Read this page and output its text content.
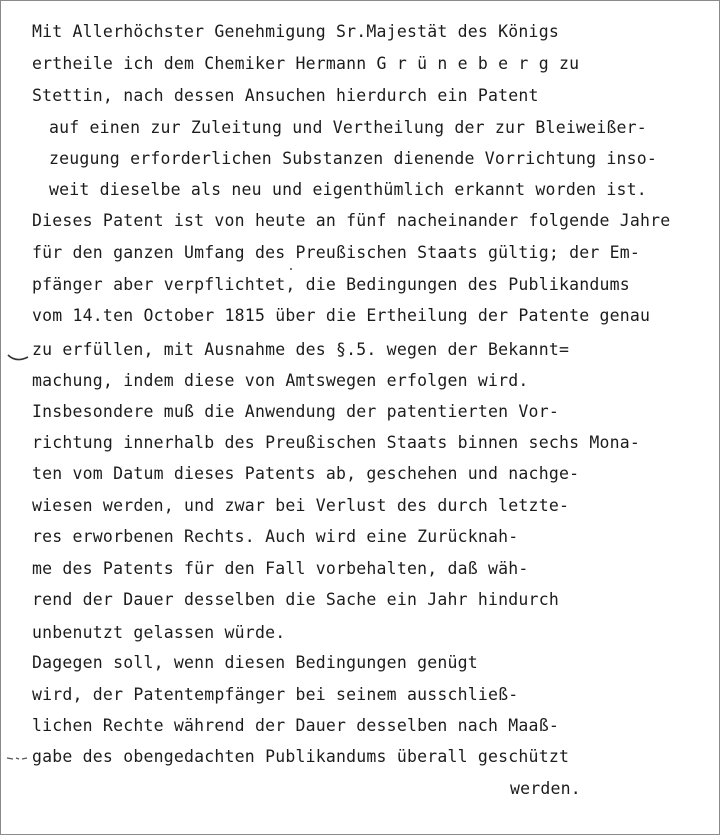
Mit Allerhöchster Genehmigung Sr.Majestät des Königs
ertheile ich dem Chemiker Hermann G r ü n e b e r g zu
Stettin, nach dessen Ansuchen hierdurch ein Patent
auf einen zur Zuleitung und Vertheilung der zur Bleiweißer-
zeugung erforderlichen Substanzen dienende Vorrichtung inso-
weit dieselbe als neu und eigenthümlich erkannt worden ist.
Dieses Patent ist von heute an fünf nacheinander folgende Jahre
für den ganzen Umfang des Preußischen Staats gültig; der Em-
pfänger aber verpflichtet, die Bedingungen des Publikandums
vom 14.ten October 1815 über die Ertheilung der Patente genau
zu erfüllen, mit Ausnahme des §.5. wegen der Bekannt=
machung, indem diese von Amtswegen erfolgen wird.
Insbesondere muß die Anwendung der patentierten Vor-
richtung innerhalb des Preußischen Staats binnen sechs Mona-
ten vom Datum dieses Patents ab, geschehen und nachge-
wiesen werden, und zwar bei Verlust des durch letzte-
res erworbenen Rechts. Auch wird eine Zurücknah-
me des Patents für den Fall vorbehalten, daß wäh-
rend der Dauer desselben die Sache ein Jahr hindurch
unbenutzt gelassen würde.
Dagegen soll, wenn diesen Bedingungen genügt
wird, der Patentempfänger bei seinem ausschließ-
lichen Rechte während der Dauer desselben nach Maaß-
gabe des obengedachten Publikandums überall geschützt
werden.
